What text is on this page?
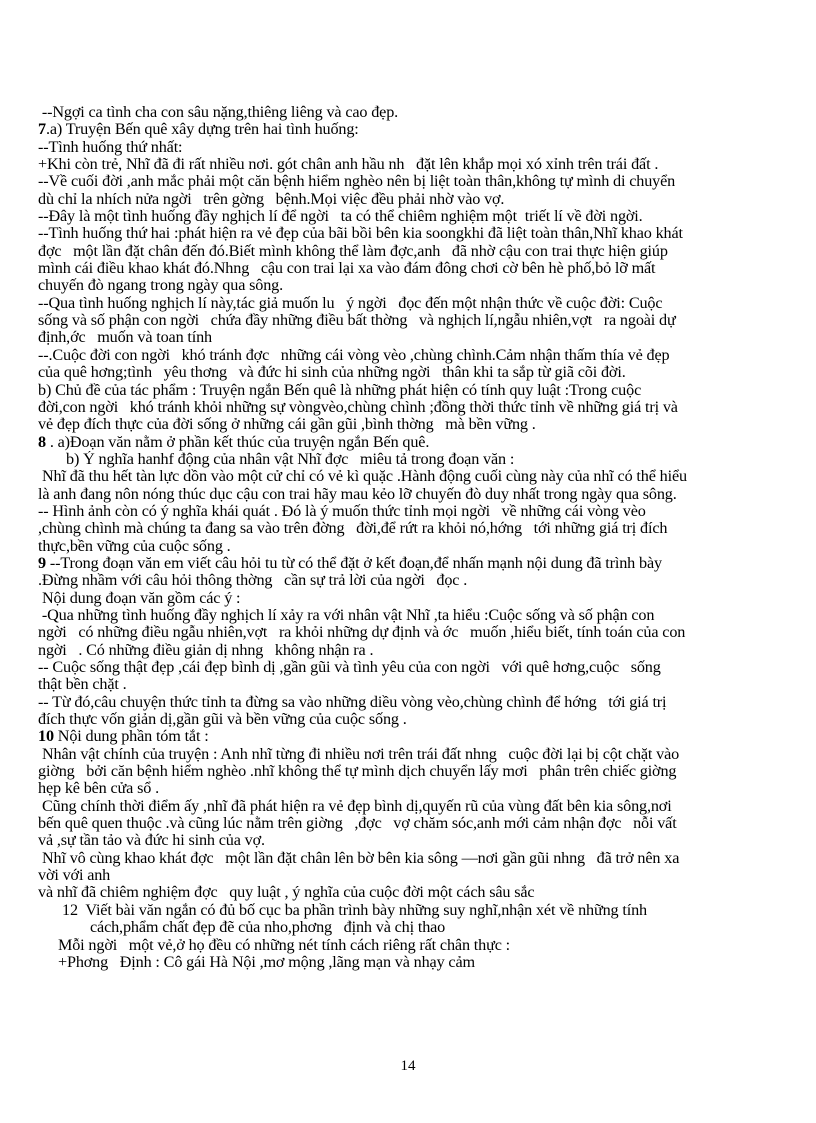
--Ngợi ca tình cha con sâu nặng,thiêng liêng và cao đẹp.
7.a) Truyện Bến quê xây dựng trên hai tình huống:
--Tình huống thứ nhất:
+Khi còn trẻ, Nhĩ đã đi rất nhiều nơi. gót chân anh hầu nh   đặt lên khắp mọi xó xỉnh trên trái đất .
--Về cuối đời ,anh mắc phải một căn bệnh hiểm nghèo nên bị liệt toàn thân,không tự mình di chuyển
dù chỉ la nhích nửa ngời   trên gờng   bệnh.Mọi việc đều phải nhờ vào vợ.
--Đây là một tình huống đầy nghịch lí để ngời   ta có thể chiêm nghiệm một  triết lí về đời ngời.
--Tình huống thứ hai :phát hiện ra vẻ đẹp của bãi bồi bên kia soongkhi đã liệt toàn thân,Nhĩ khao khát
đợc   một lần đặt chân đến đó.Biết mình không thể làm đợc,anh   đã nhờ cậu con trai thực hiện giúp
mình cái điều khao khát đó.Nhng   cậu con trai lại xa vào đám đông chơi cờ bên hè phố,bỏ lỡ mất
chuyến đò ngang trong ngày qua sông.
--Qua tình huống nghịch lí này,tác giả muốn lu   ý ngời   đọc đến một nhận thức về cuộc đời: Cuộc
sống và số phận con ngời   chứa đầy những điều bất thờng   và nghịch lí,ngẫu nhiên,vợt   ra ngoài dự
định,ớc   muốn và toan tính
--.Cuộc đời con ngời   khó tránh đợc   những cái vòng vèo ,chùng chình.Cảm nhận thấm thía vẻ đẹp
của quê hơng;tình   yêu thơng   và đức hi sinh của những ngời   thân khi ta sắp từ giã cõi đời.
b) Chủ đề của tác phẩm : Truyện ngắn Bến quê là những phát hiện có tính quy luật :Trong cuộc
đời,con ngời   khó tránh khỏi những sự vòngvèo,chùng chình ;đồng thời thức tỉnh về những giá trị và
vẻ đẹp đích thực của đời sống ở những cái gần gũi ,bình thờng   mà bền vững .
8 . a)Đoạn văn nằm ở phần kết thúc của truyện ngắn Bến quê.
b) Ý nghĩa hanhf động của nhân vật Nhĩ đợc   miêu tả trong đoạn văn :
Nhĩ đã thu hết tàn lực dồn vào một cử chỉ có vẻ kì quặc .Hành động cuối cùng này của nhĩ có thể hiểu
là anh đang nôn nóng thúc dục cậu con trai hãy mau kẻo lỡ chuyến đò duy nhất trong ngày qua sông.
-- Hình ảnh còn có ý nghĩa khái quát . Đó là ý muốn thức tỉnh mọi ngời   về những cái vòng vèo
,chùng chình mà chúng ta đang sa vào trên đờng   đời,để rứt ra khỏi nó,hớng   tới những giá trị đích
thực,bền vững của cuộc sống .
9 --Trong đoạn văn em viết câu hỏi tu từ có thể đặt ở kết đoạn,để nhấn mạnh nội dung đã trình bày
.Đừng nhầm với câu hỏi thông thờng   cần sự trả lời của ngời   đọc .
Nội dung đoạn văn gồm các ý :
-Qua những tình huống đầy nghịch lí xảy ra với nhân vật Nhĩ ,ta hiểu :Cuộc sống và số phận con
ngời   có những điều ngẫu nhiên,vợt   ra khỏi những dự định và ớc   muốn ,hiểu biết, tính toán của con
ngời   . Có những điều giản dị nhng   không nhận ra .
-- Cuộc sống thật đẹp ,cái đẹp bình dị ,gần gũi và tình yêu của con ngời   với quê hơng,cuộc   sống
thật bền chặt .
-- Từ đó,câu chuyện thức tỉnh ta đừng sa vào những diều vòng vèo,chùng chình để hớng   tới giá trị
đích thực vốn giản dị,gần gũi và bền vững của cuộc sống .
10 Nội dung phần tóm tắt :
Nhân vật chính của truyện : Anh nhĩ từng đi nhiều nơi trên trái đất nhng   cuộc đời lại bị cột chặt vào
giờng   bởi căn bệnh hiểm nghèo .nhĩ không thể tự mình dịch chuyển lấy mơi   phân trên chiếc giờng
hẹp kê bên cửa sổ .
Cũng chính thời điểm ấy ,nhĩ đã phát hiện ra vẻ đẹp bình dị,quyến rũ của vùng đất bên kia sông,nơi
bến quê quen thuộc .và cũng lúc nằm trên giờng   ,đợc   vợ chăm sóc,anh mới cảm nhận đợc   nỗi vất
vả ,sự tần tảo và đức hi sinh của vợ.
Nhĩ vô cùng khao khát đợc   một lần đặt chân lên bờ bên kia sông —nơi gần gũi nhng   đã trở nên xa
vời với anh
và nhĩ đã chiêm nghiệm đợc   quy luật , ý nghĩa của cuộc đời một cách sâu sắc
12  Viết bài văn ngắn có đủ bố cục ba phần trình bày những suy nghĩ,nhận xét về những tính
cách,phẩm chất đẹp đẽ của nho,phơng   định và chị thao
Mỗi ngời   một vẻ,ở họ đều có những nét tính cách riêng rất chân thực :
+Phơng   Định : Cô gái Hà Nội ,mơ mộng ,lãng mạn và nhạy cảm
14
